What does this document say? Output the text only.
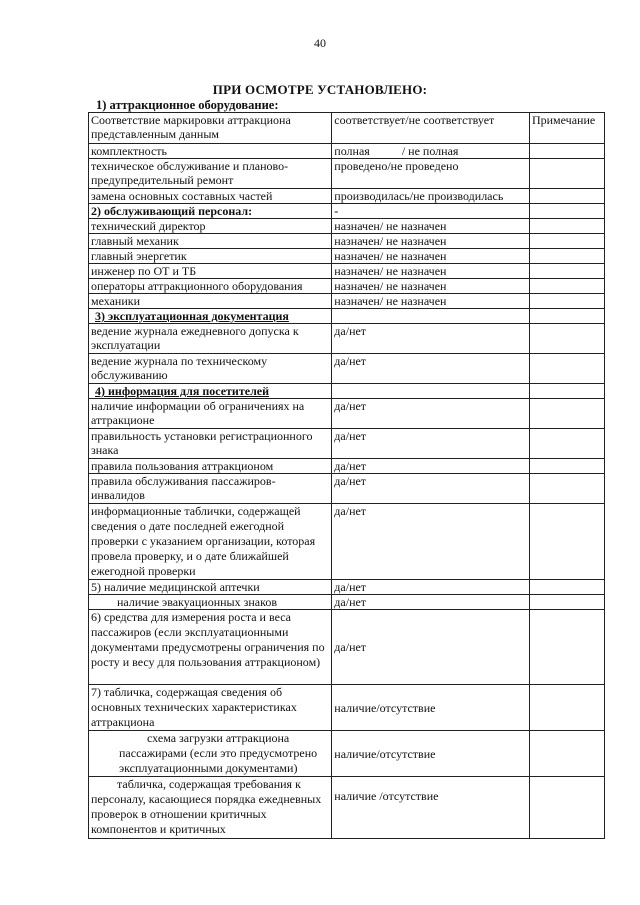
40
ПРИ ОСМОТРЕ УСТАНОВЛЕНО:
1) аттракционное оборудование:
Соответствие маркировки аттракциона представленным данным	соответствует/не соответствует	Примечание
комплектность	полная / не полная	
техническое обслуживание и планово-предупредительный ремонт	проведено/не проведено	
замена основных составных частей	производилась/не производилась	
2) обслуживающий персонал:	-	
технический директор	назначен/ не назначен	
главный механик	назначен/ не назначен	
главный энергетик	назначен/ не назначен	
инженер по ОТ и ТБ	назначен/ не назначен	
операторы аттракционного оборудования	назначен/ не назначен	
механики	назначен/ не назначен	
3) эксплуатационная документация		
ведение журнала ежедневного допуска к эксплуатации	да/нет	
ведение журнала по техническому обслуживанию	да/нет	
4) информация для посетителей		
наличие информации об ограничениях на аттракционе	да/нет	
правильность установки регистрационного знака	да/нет	
правила пользования аттракционом	да/нет	
правила обслуживания пассажиров-инвалидов	да/нет	
информационные таблички, содержащей сведения о дате последней ежегодной проверки с указанием организации, которая провела проверку, и о дате ближайшей ежегодной проверки	да/нет	
5) наличие медицинской аптечки	да/нет	
наличие эвакуационных знаков	да/нет	
6) средства для измерения роста и веса пассажиров (если эксплуатационными документами предусмотрены ограничения по росту и весу для пользования аттракционом)	да/нет	
7) табличка, содержащая сведения об основных технических характеристиках аттракциона	наличие/отсутствие	
схема загрузки аттракциона пассажирами (если это предусмотрено эксплуатационными документами)	наличие/отсутствие	
табличка, содержащая требования к персоналу, касающиеся порядка ежедневных проверок в отношении критичных компонентов и критичных	наличие /отсутствие	
